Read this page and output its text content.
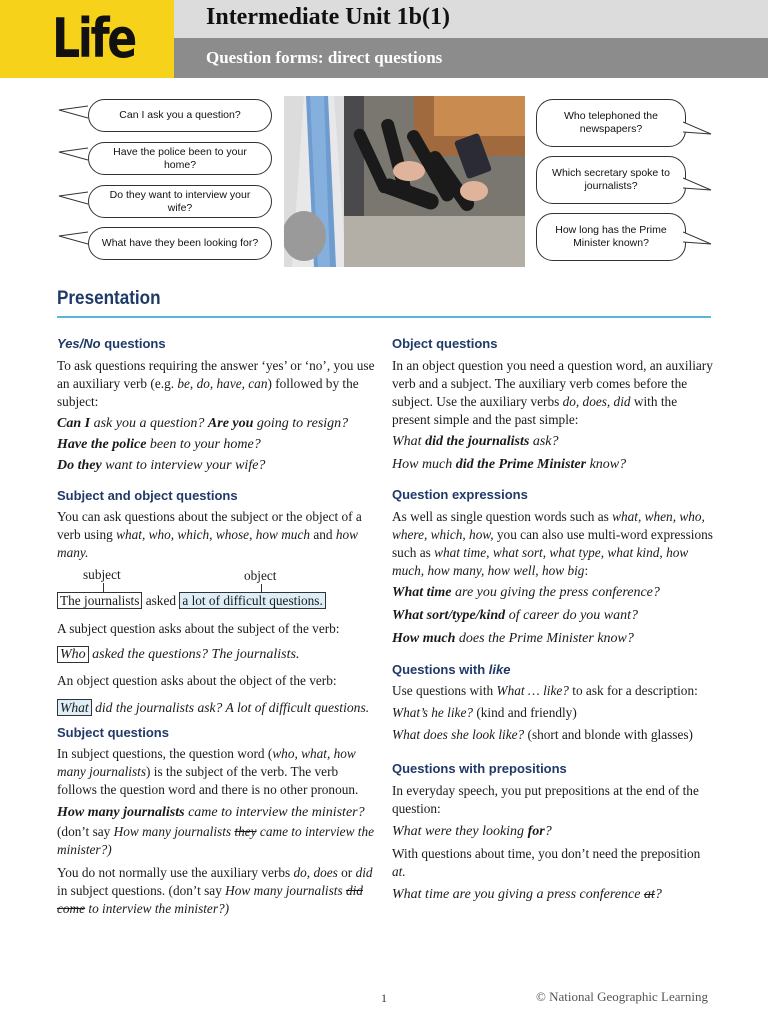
Life	Intermediate Unit 1b(1)
Question forms: direct questions
Can I ask you a question?
Have the police been to your home?
Do they want to interview your wife?
What have they been looking for?
Who telephoned the newspapers?
Which secretary spoke to journalists?
How long has the Prime Minister known?
Presentation
Yes/No questions
To ask questions requiring the answer ‘yes’ or ‘no’, you use an auxiliary verb (e.g. be, do, have, can) followed by the subject:
Can I ask you a question? Are you going to resign?
Have the police been to your home?
Do they want to interview your wife?
Subject and object questions
You can ask questions about the subject or the object of a verb using what, who, which, whose, how much and how many.
subject	object
The journalists asked a lot of difficult questions.
A subject question asks about the subject of the verb:
Who asked the questions? The journalists.
An object question asks about the object of the verb:
What did the journalists ask? A lot of difficult questions.
Subject questions
In subject questions, the question word (who, what, how many journalists) is the subject of the verb. The verb follows the question word and there is no other pronoun.
How many journalists came to interview the minister?
(don’t say How many journalists they came to interview the minister?)
You do not normally use the auxiliary verbs do, does or did in subject questions. (don’t say How many journalists did come to interview the minister?)
Object questions
In an object question you need a question word, an auxiliary verb and a subject. The auxiliary verb comes before the subject. Use the auxiliary verbs do, does, did with the present simple and the past simple:
What did the journalists ask?
How much did the Prime Minister know?
Question expressions
As well as single question words such as what, when, who, where, which, how, you can also use multi-word expressions such as what time, what sort, what type, what kind, how much, how many, how well, how big:
What time are you giving the press conference?
What sort/type/kind of career do you want?
How much does the Prime Minister know?
Questions with like
Use questions with What … like? to ask for a description:
What’s he like? (kind and friendly)
What does she look like? (short and blonde with glasses)
Questions with prepositions
In everyday speech, you put prepositions at the end of the question:
What were they looking for?
With questions about time, you don’t need the preposition at.
What time are you giving a press conference at?
1	© National Geographic Learning
